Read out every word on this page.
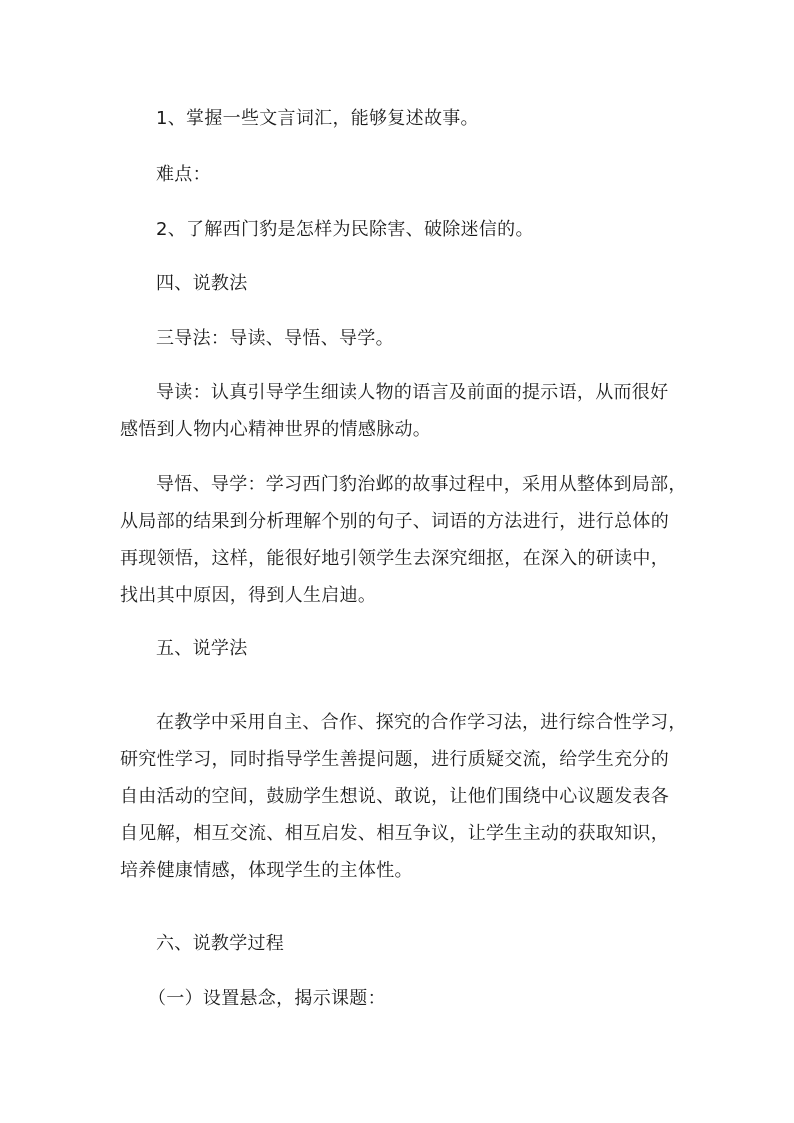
1、掌握一些文言词汇，能够复述故事。

难点：

2、了解西门豹是怎样为民除害、破除迷信的。

四、说教法

三导法：导读、导悟、导学。

导读：认真引导学生细读人物的语言及前面的提示语，从而很好
感悟到人物内心精神世界的情感脉动。

导悟、导学：学习西门豹治邺的故事过程中，采用从整体到局部，
从局部的结果到分析理解个别的句子、词语的方法进行，进行总体的
再现领悟，这样，能很好地引领学生去深究细抠，在深入的研读中，
找出其中原因，得到人生启迪。

五、说学法

在教学中采用自主、合作、探究的合作学习法，进行综合性学习，
研究性学习，同时指导学生善提问题，进行质疑交流，给学生充分的
自由活动的空间，鼓励学生想说、敢说，让他们围绕中心议题发表各
自见解，相互交流、相互启发、相互争议，让学生主动的获取知识，
培养健康情感，体现学生的主体性。

六、说教学过程

（一）设置悬念，揭示课题：
